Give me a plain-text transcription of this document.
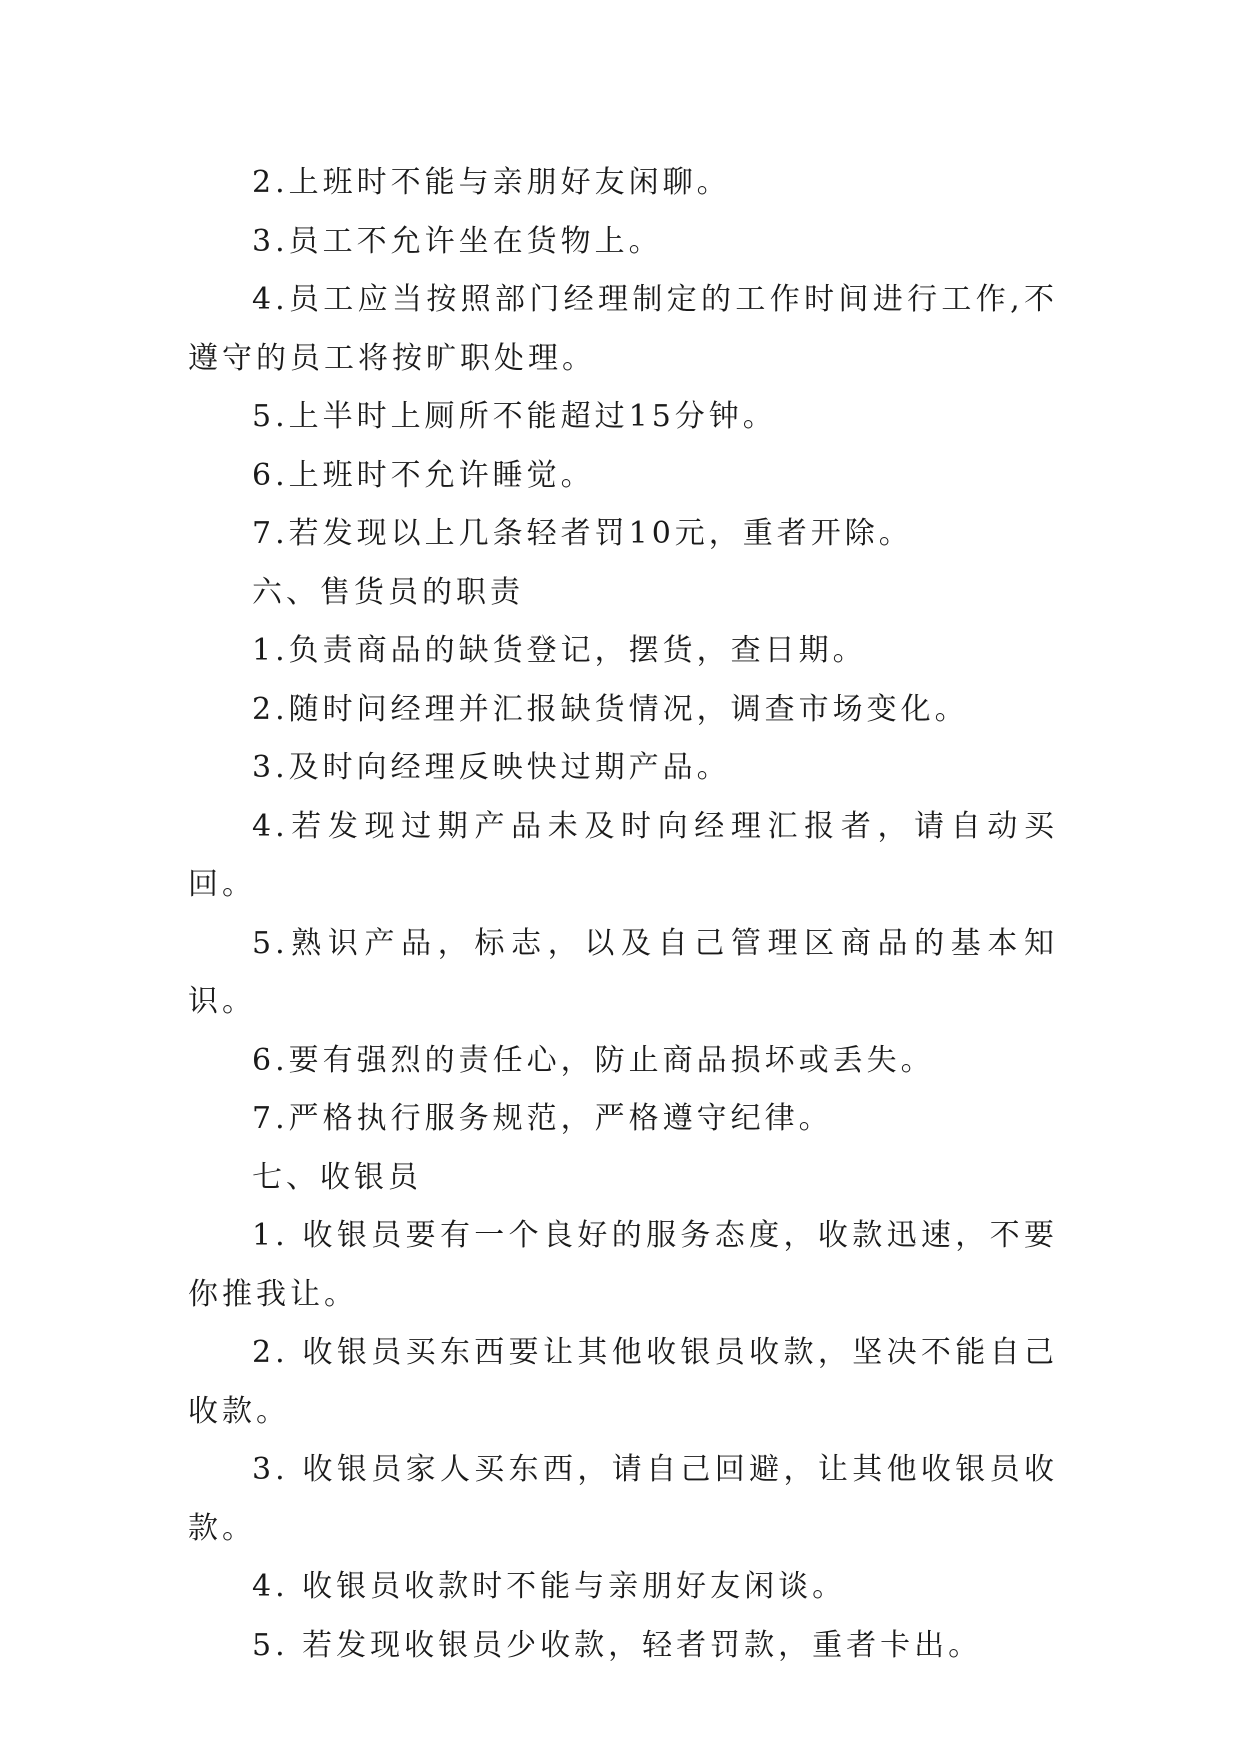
2.上班时不能与亲朋好友闲聊。

3.员工不允许坐在货物上。

4.员工应当按照部门经理制定的工作时间进行工作,不遵守的员工将按旷职处理。

5.上半时上厕所不能超过15分钟。

6.上班时不允许睡觉。

7.若发现以上几条轻者罚10元，重者开除。

六、售货员的职责

1.负责商品的缺货登记，摆货，查日期。

2.随时问经理并汇报缺货情况，调查市场变化。

3.及时向经理反映快过期产品。

4.若发现过期产品未及时向经理汇报者，请自动买回。

5.熟识产品，标志，以及自己管理区商品的基本知识。

6.要有强烈的责任心，防止商品损坏或丢失。

7.严格执行服务规范，严格遵守纪律。

七、收银员

1. 收银员要有一个良好的服务态度，收款迅速，不要你推我让。

2. 收银员买东西要让其他收银员收款，坚决不能自己收款。

3. 收银员家人买东西，请自己回避，让其他收银员收款。

4. 收银员收款时不能与亲朋好友闲谈。

5. 若发现收银员少收款，轻者罚款，重者卡出。
